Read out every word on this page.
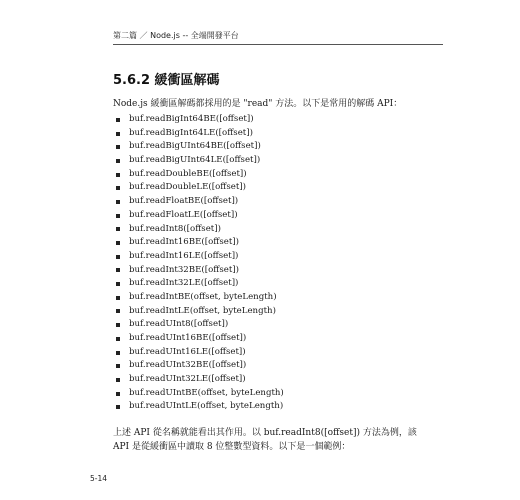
第二篇 ／ Node.js -- 全端開發平台
5.6.2 緩衝區解碼
Node.js 緩衝區解碼都採用的是 "read" 方法。以下是常用的解碼 API：
buf.readBigInt64BE([offset])
buf.readBigInt64LE([offset])
buf.readBigUInt64BE([offset])
buf.readBigUInt64LE([offset])
buf.readDoubleBE([offset])
buf.readDoubleLE([offset])
buf.readFloatBE([offset])
buf.readFloatLE([offset])
buf.readInt8([offset])
buf.readInt16BE([offset])
buf.readInt16LE([offset])
buf.readInt32BE([offset])
buf.readInt32LE([offset])
buf.readIntBE(offset, byteLength)
buf.readIntLE(offset, byteLength)
buf.readUInt8([offset])
buf.readUInt16BE([offset])
buf.readUInt16LE([offset])
buf.readUInt32BE([offset])
buf.readUInt32LE([offset])
buf.readUIntBE(offset, byteLength)
buf.readUIntLE(offset, byteLength)
上述 API 從名稱就能看出其作用。以 buf.readInt8([offset]) 方法為例，該
API 是從緩衝區中讀取 8 位整數型資料。以下是一個範例：
5-14
